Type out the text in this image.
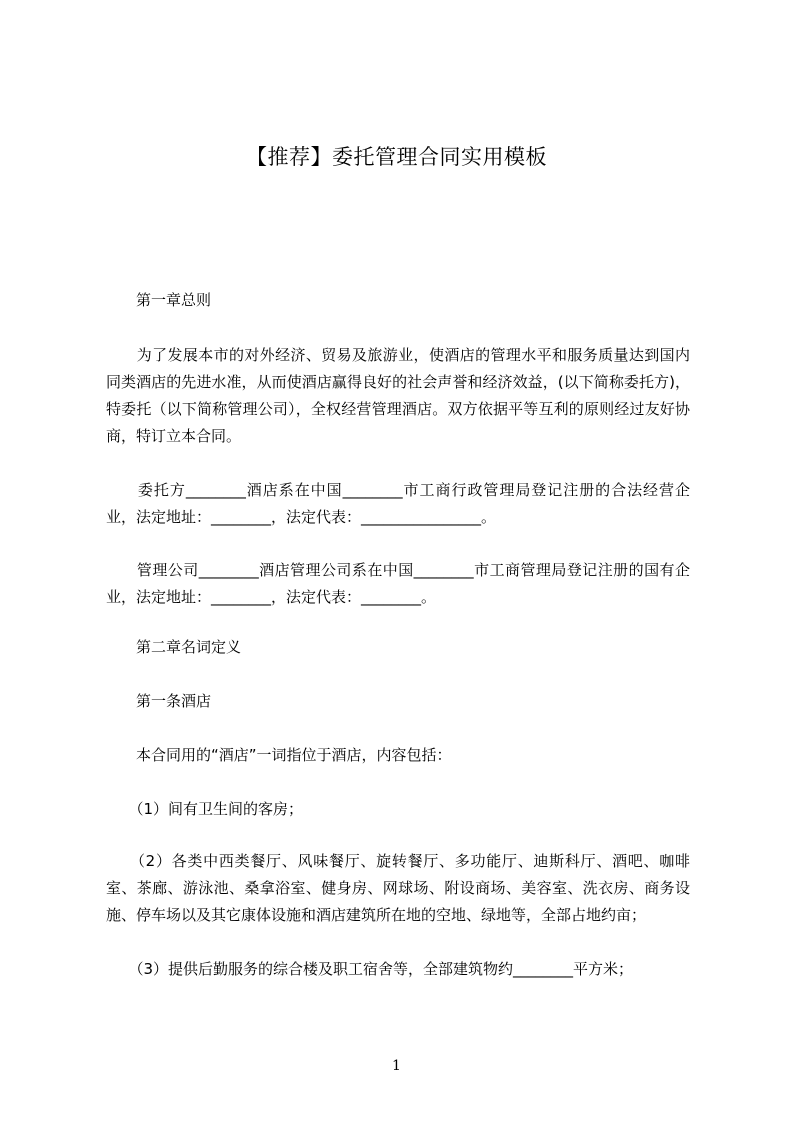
【推荐】委托管理合同实用模板

　　第一章总则

　　为了发展本市的对外经济、贸易及旅游业，使酒店的管理水平和服务质量达到国内同类酒店的先进水准，从而使酒店赢得良好的社会声誉和经济效益，(以下简称委托方)，特委托（以下简称管理公司），全权经营管理酒店。双方依据平等互利的原则经过友好协商，特订立本合同。

　　委托方________酒店系在中国________市工商行政管理局登记注册的合法经营企业，法定地址：________，法定代表：________________。

　　管理公司________酒店管理公司系在中国________市工商管理局登记注册的国有企业，法定地址：________，法定代表：________。

　　第二章名词定义

　　第一条酒店

　　本合同用的“酒店”一词指位于酒店，内容包括：

　　（1）间有卫生间的客房；

　　（2）各类中西类餐厅、风味餐厅、旋转餐厅、多功能厅、迪斯科厅、酒吧、咖啡室、茶廊、游泳池、桑拿浴室、健身房、网球场、附设商场、美容室、洗衣房、商务设施、停车场以及其它康体设施和酒店建筑所在地的空地、绿地等，全部占地约亩；

　　（3）提供后勤服务的综合楼及职工宿舍等，全部建筑物约________平方米；

1
